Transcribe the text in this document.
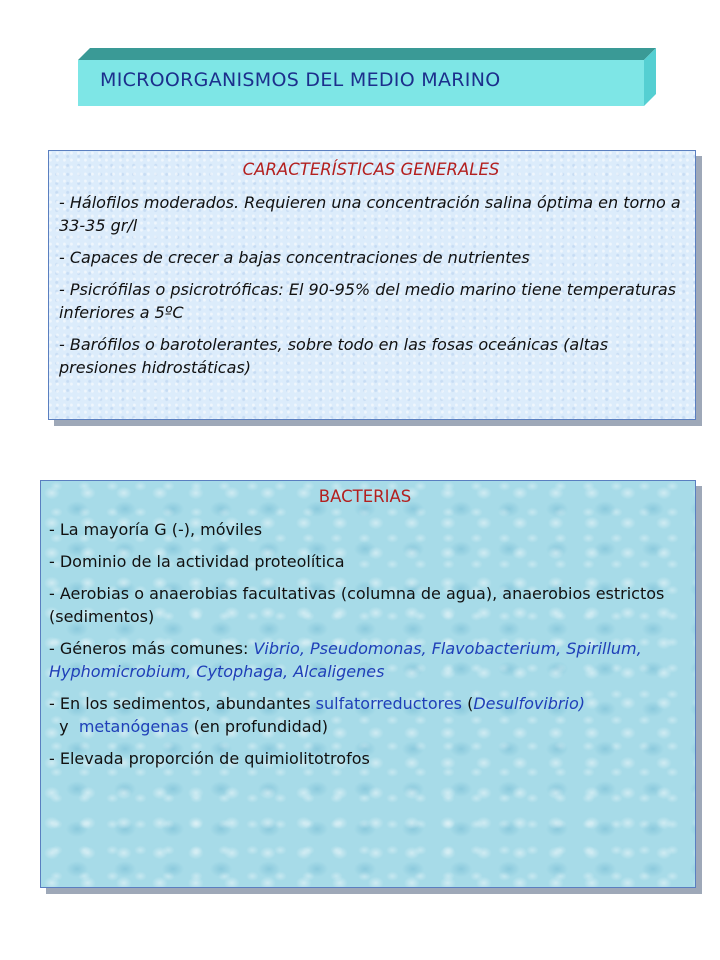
MICROORGANISMOS DEL MEDIO MARINO
CARACTERÍSTICAS GENERALES
- Hálofilos moderados. Requieren una concentración salina óptima en torno a 33-35 gr/l
- Capaces de crecer a bajas concentraciones de nutrientes
- Psicrófilas o psicrotróficas: El 90-95% del medio marino tiene temperaturas inferiores a 5ºC
- Barófilos o barotolerantes, sobre todo en las fosas oceánicas (altas presiones hidrostáticas)
BACTERIAS
- La mayoría G (-), móviles
- Dominio de la actividad proteolítica
- Aerobias o anaerobias facultativas (columna de agua), anaerobios estrictos (sedimentos)
- Géneros más comunes: Vibrio, Pseudomonas, Flavobacterium, Spirillum, Hyphomicrobium, Cytophaga, Alcaligenes
- En los sedimentos, abundantes sulfatorreductores (Desulfovibrio)  y  metanógenas (en profundidad)
- Elevada proporción de quimiolitotrofos
